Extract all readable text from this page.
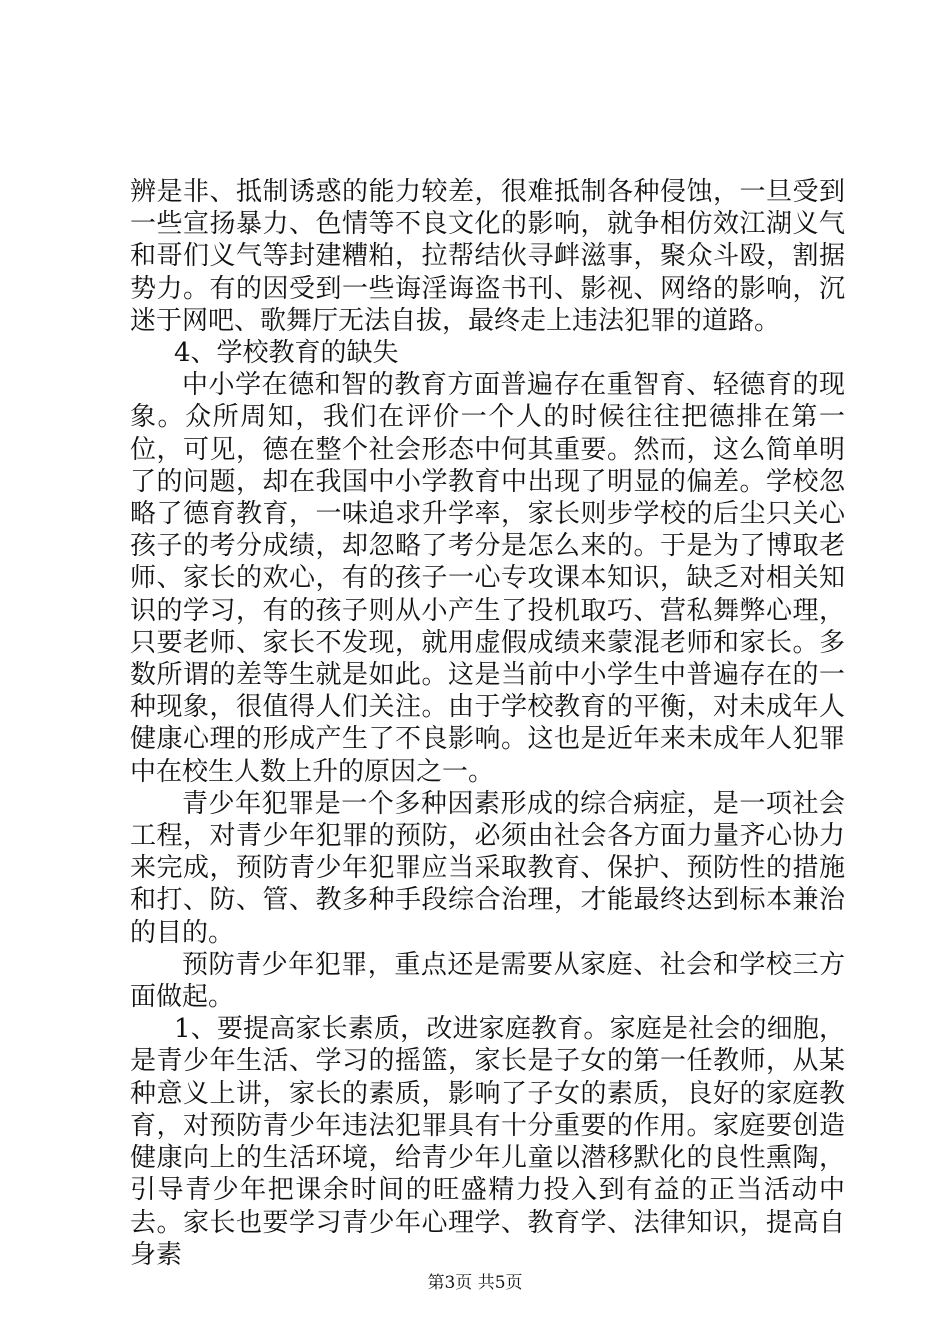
辨是非、抵制诱惑的能力较差，很难抵制各种侵蚀，一旦受到一些宣扬暴力、色情等不良文化的影响，就争相仿效江湖义气和哥们义气等封建糟粕，拉帮结伙寻衅滋事，聚众斗殴，割据势力。有的因受到一些诲淫诲盗书刊、影视、网络的影响，沉迷于网吧、歌舞厅无法自拔，最终走上违法犯罪的道路。

4、学校教育的缺失

中小学在德和智的教育方面普遍存在重智育、轻德育的现象。众所周知，我们在评价一个人的时候往往把德排在第一位，可见，德在整个社会形态中何其重要。然而，这么简单明了的问题，却在我国中小学教育中出现了明显的偏差。学校忽略了德育教育，一味追求升学率，家长则步学校的后尘只关心孩子的考分成绩，却忽略了考分是怎么来的。于是为了博取老师、家长的欢心，有的孩子一心专攻课本知识，缺乏对相关知识的学习，有的孩子则从小产生了投机取巧、营私舞弊心理，只要老师、家长不发现，就用虚假成绩来蒙混老师和家长。多数所谓的差等生就是如此。这是当前中小学生中普遍存在的一种现象，很值得人们关注。由于学校教育的平衡，对未成年人健康心理的形成产生了不良影响。这也是近年来未成年人犯罪中在校生人数上升的原因之一。

青少年犯罪是一个多种因素形成的综合病症，是一项社会工程，对青少年犯罪的预防，必须由社会各方面力量齐心协力来完成，预防青少年犯罪应当采取教育、保护、预防性的措施和打、防、管、教多种手段综合治理，才能最终达到标本兼治的目的。

预防青少年犯罪，重点还是需要从家庭、社会和学校三方面做起。

1、要提高家长素质，改进家庭教育。家庭是社会的细胞，是青少年生活、学习的摇篮，家长是子女的第一任教师，从某种意义上讲，家长的素质，影响了子女的素质，良好的家庭教育，对预防青少年违法犯罪具有十分重要的作用。家庭要创造健康向上的生活环境，给青少年儿童以潜移默化的良性熏陶，引导青少年把课余时间的旺盛精力投入到有益的正当活动中去。家长也要学习青少年心理学、教育学、法律知识，提高自身素

第3页 共5页
